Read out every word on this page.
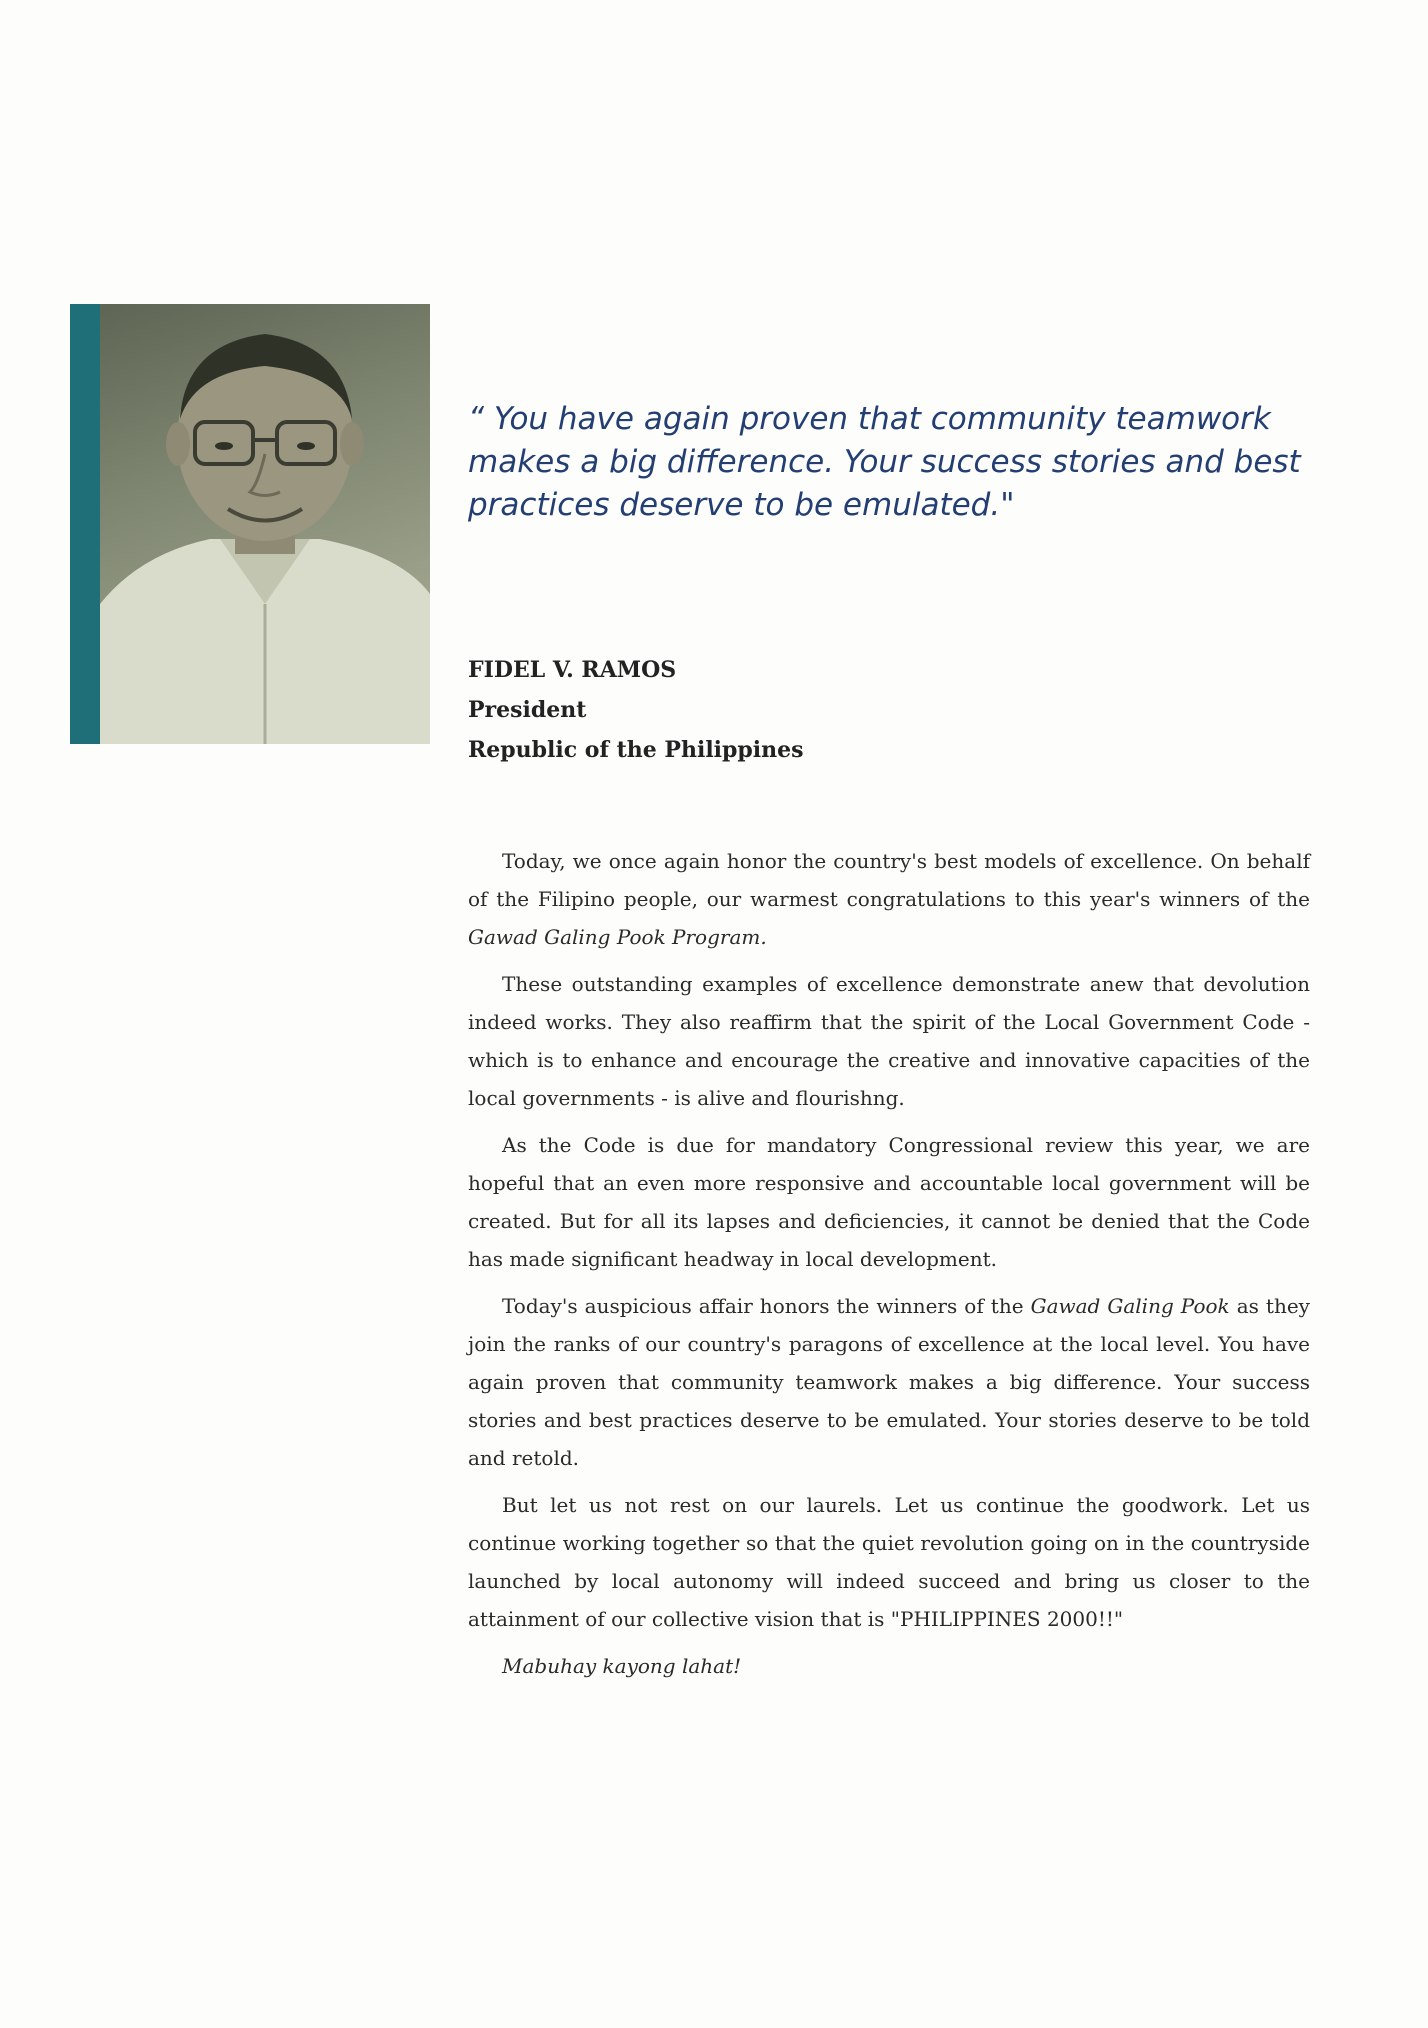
“ You have again proven that community teamwork makes a big difference. Your success stories and best practices deserve to be emulated."

FIDEL V. RAMOS
President
Republic of the Philippines

Today, we once again honor the country's best models of excellence. On behalf of the Filipino people, our warmest congratulations to this year's winners of the Gawad Galing Pook Program.

These outstanding examples of excellence demonstrate anew that devolution indeed works. They also reaffirm that the spirit of the Local Government Code - which is to enhance and encourage the creative and innovative capacities of the local governments - is alive and flourishng.

As the Code is due for mandatory Congressional review this year, we are hopeful that an even more responsive and accountable local government will be created. But for all its lapses and deficiencies, it cannot be denied that the Code has made significant headway in local development.

Today's auspicious affair honors the winners of the Gawad Galing Pook as they join the ranks of our country's paragons of excellence at the local level. You have again proven that community teamwork makes a big difference. Your success stories and best practices deserve to be emulated. Your stories deserve to be told and retold.

But let us not rest on our laurels. Let us continue the goodwork. Let us continue working together so that the quiet revolution going on in the countryside launched by local autonomy will indeed succeed and bring us closer to the attainment of our collective vision that is "PHILIPPINES 2000!!"

Mabuhay kayong lahat!
